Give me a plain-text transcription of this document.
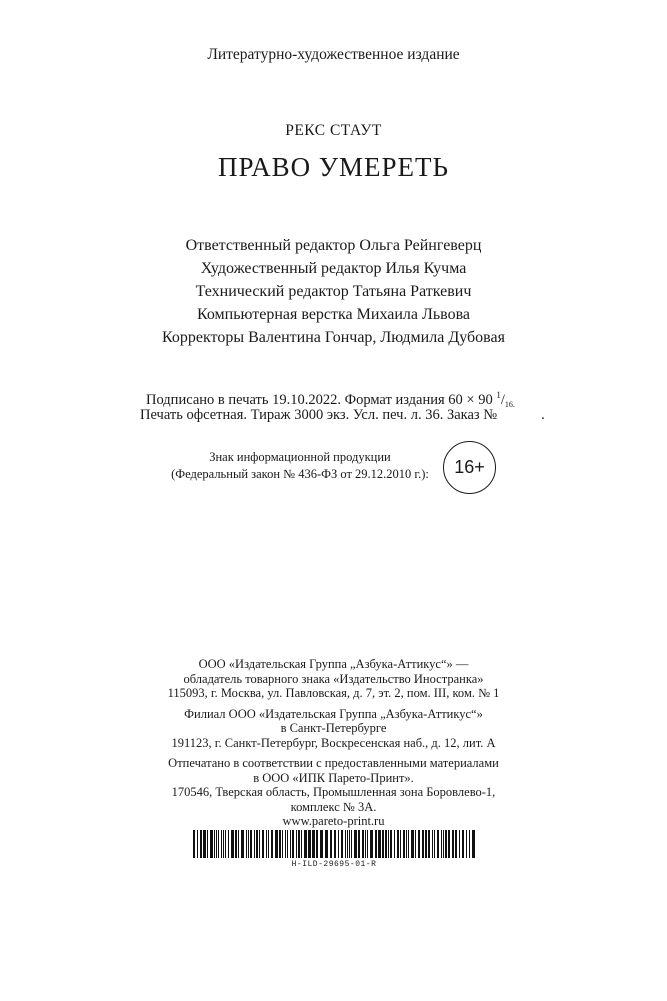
Литературно-художественное издание
РЕКС СТАУТ
ПРАВО УМЕРЕТЬ
Ответственный редактор Ольга Рейнгеверц
Художественный редактор Илья Кучма
Технический редактор Татьяна Раткевич
Компьютерная верстка Михаила Львова
Корректоры Валентина Гончар, Людмила Дубовая
Подписано в печать 19.10.2022. Формат издания 60 × 90 $^1/_{16.}$
Печать офсетная. Тираж 3000 экз. Усл. печ. л. 36. Заказ №	.
Знак информационной продукции
(Федеральный закон № 436-ФЗ от 29.12.2010 г.):	16+
ООО «Издательская Группа „Азбука-Аттикус“» —
обладатель товарного знака «Издательство Иностранка»
115093, г. Москва, ул. Павловская, д. 7, эт. 2, пом. III, ком. № 1
Филиал ООО «Издательская Группа „Азбука-Аттикус“»
в Санкт-Петербурге
191123, г. Санкт-Петербург, Воскресенская наб., д. 12, лит. А
Отпечатано в соответствии с предоставленными материалами
в ООО «ИПК Парето-Принт».
170546, Тверская область, Промышленная зона Боровлево-1,
комплекс № 3А.
www.pareto-print.ru
H-ILD-29695-01-R
